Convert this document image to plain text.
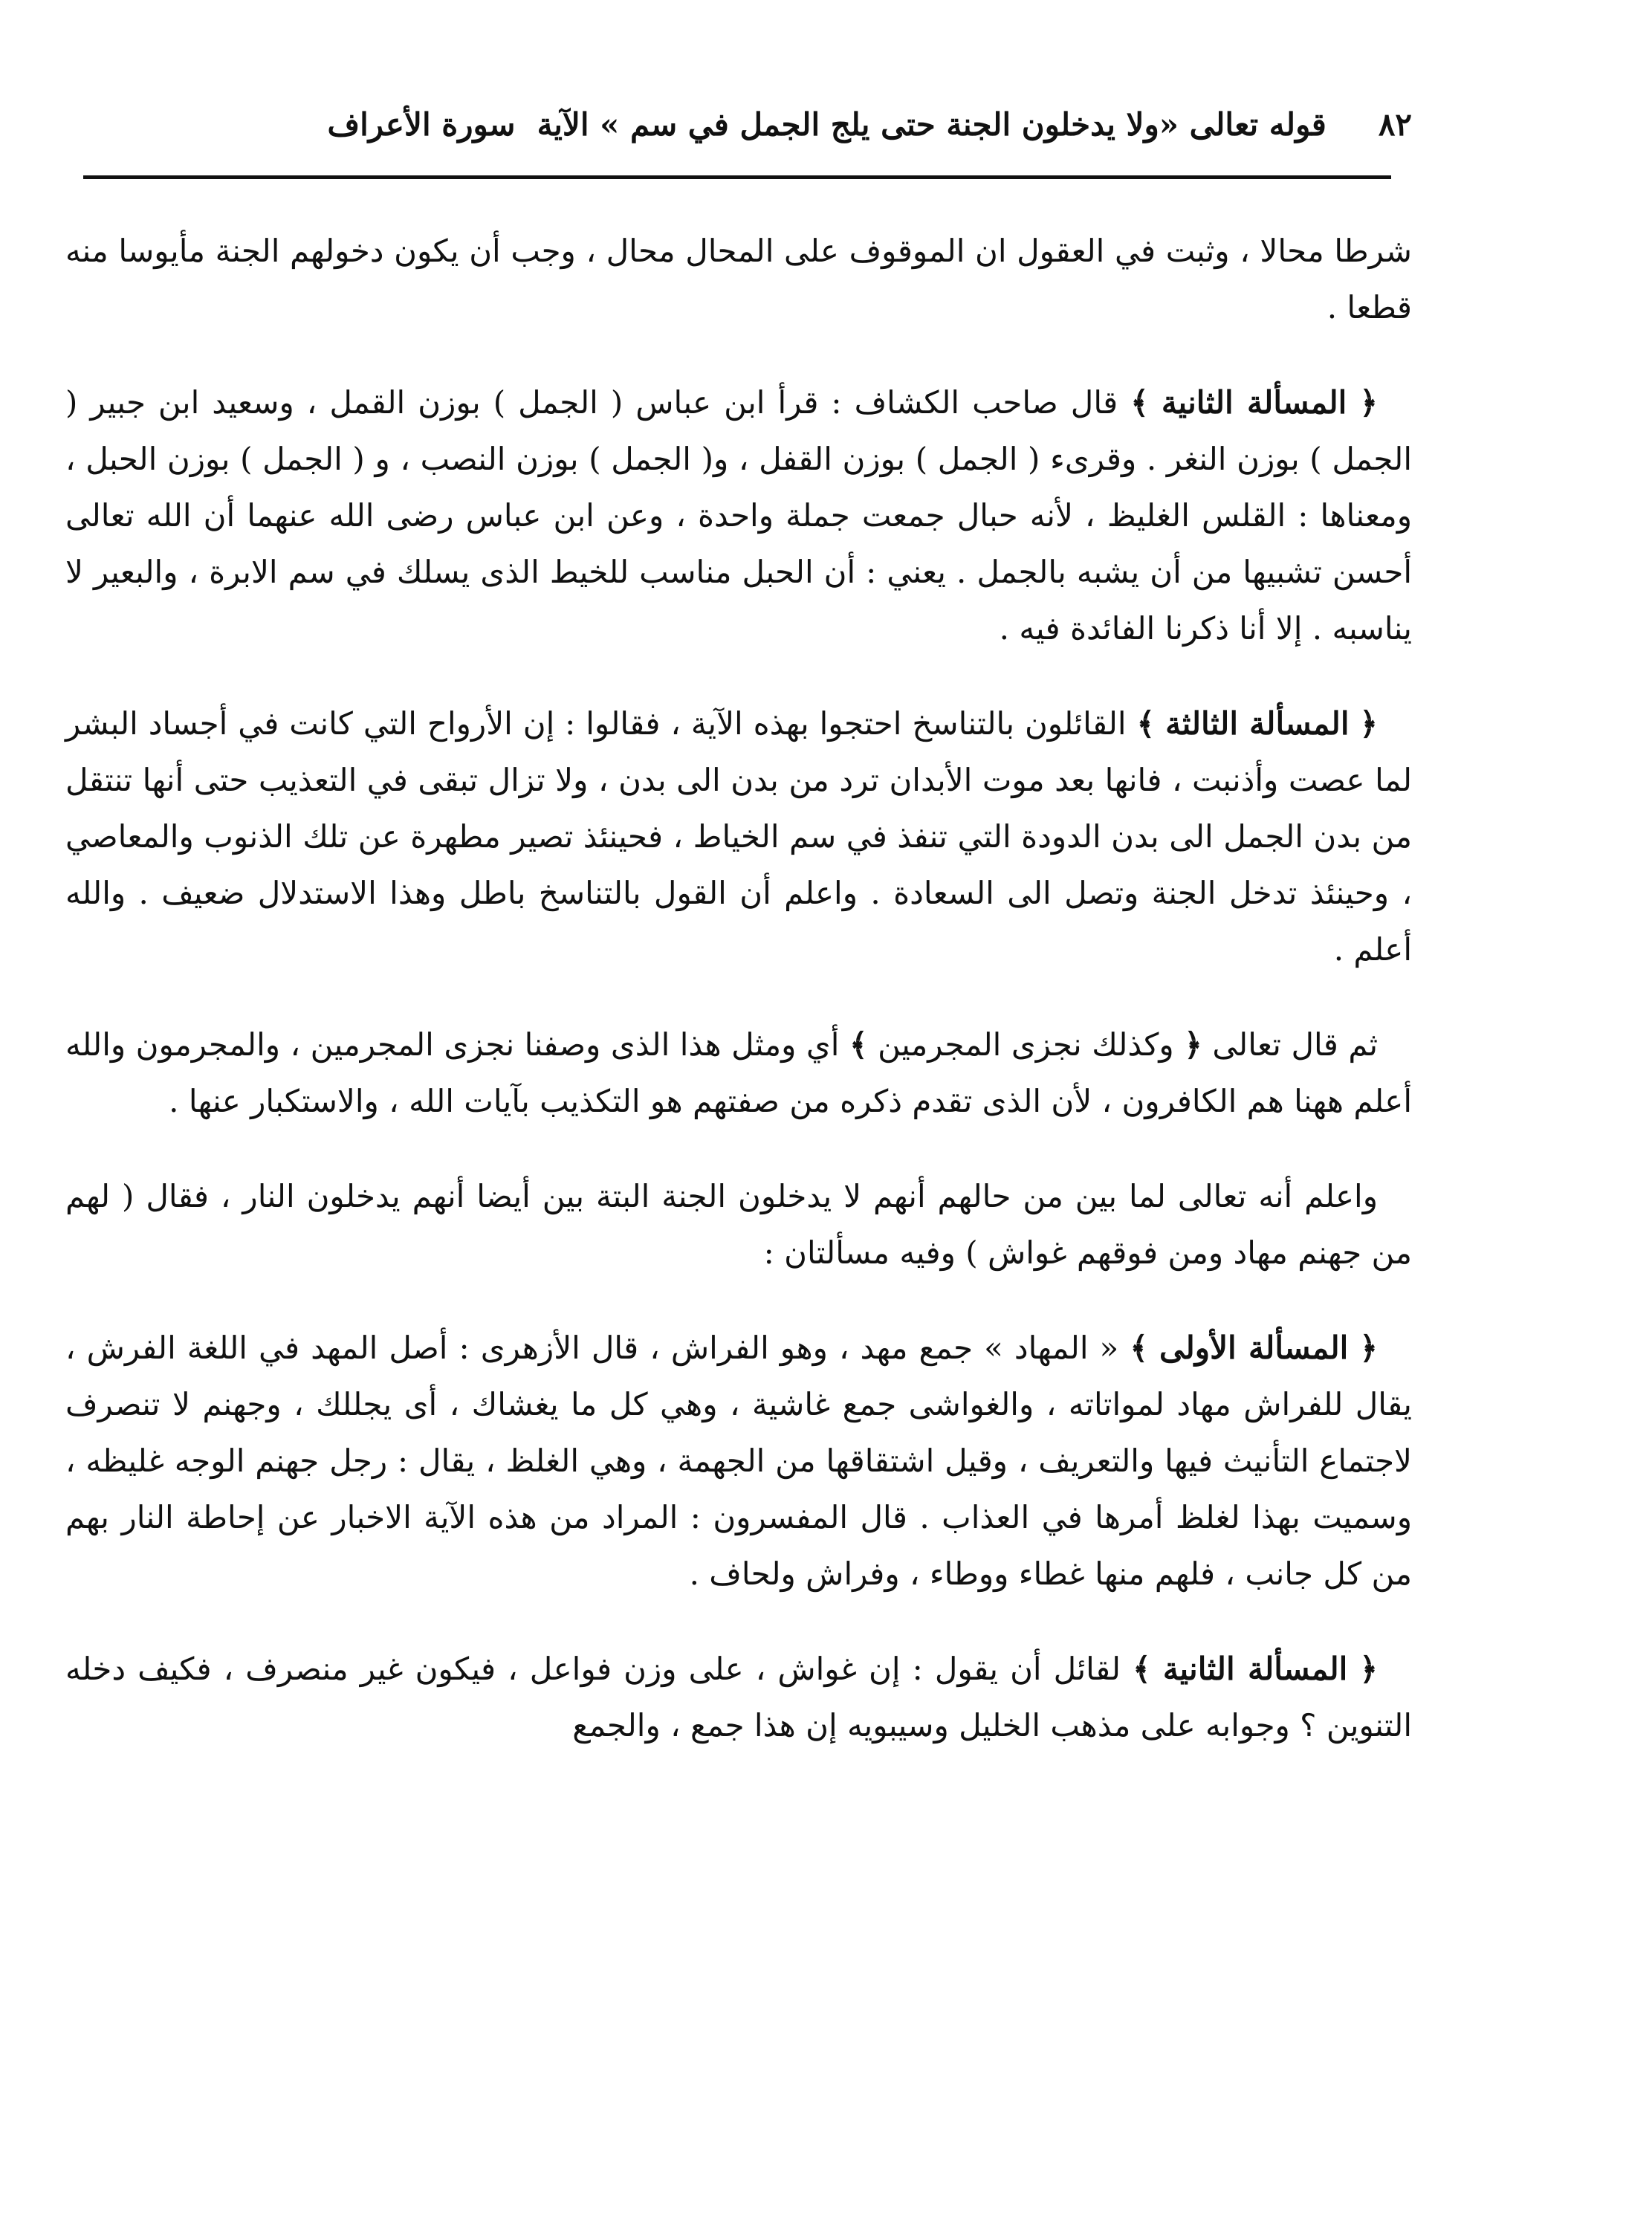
٨٢
قوله تعالى «ولا يدخلون الجنة حتى يلج الجمل في سم » الآية

سورة الأعراف

شرطا محالا ، وثبت في العقول ان الموقوف على المحال محال ، وجب أن يكون دخولهم الجنة مأيوسا منه قطعا .

﴿ المسألة الثانية ﴾ قال صاحب الكشاف : قرأ ابن عباس ( الجمل ) بوزن القمل ، وسعيد ابن جبير ( الجمل ) بوزن النغر . وقرىء ( الجمل ) بوزن القفل ، و( الجمل ) بوزن النصب ، و ( الجمل ) بوزن الحبل ، ومعناها : القلس الغليظ ، لأنه حبال جمعت جملة واحدة ، وعن ابن عباس رضى الله عنهما أن الله تعالى أحسن تشبيها من أن يشبه بالجمل . يعني : أن الحبل مناسب للخيط الذى يسلك في سم الابرة ، والبعير لا يناسبه . إلا أنا ذكرنا الفائدة فيه .

﴿ المسألة الثالثة ﴾ القائلون بالتناسخ احتجوا بهذه الآية ، فقالوا : إن الأرواح التي كانت في أجساد البشر لما عصت وأذنبت ، فانها بعد موت الأبدان ترد من بدن الى بدن ، ولا تزال تبقى في التعذيب حتى أنها تنتقل من بدن الجمل الى بدن الدودة التي تنفذ في سم الخياط ، فحينئذ تصير مطهرة عن تلك الذنوب والمعاصي ، وحينئذ تدخل الجنة وتصل الى السعادة . واعلم أن القول بالتناسخ باطل وهذا الاستدلال ضعيف . والله أعلم .

ثم قال تعالى ﴿ وكذلك نجزى المجرمين ﴾ أي ومثل هذا الذى وصفنا نجزى المجرمين ، والمجرمون والله أعلم ههنا هم الكافرون ، لأن الذى تقدم ذكره من صفتهم هو التكذيب بآيات الله ، والاستكبار عنها .

واعلم أنه تعالى لما بين من حالهم أنهم لا يدخلون الجنة البتة بين أيضا أنهم يدخلون النار ، فقال ( لهم من جهنم مهاد ومن فوقهم غواش ) وفيه مسألتان :

﴿ المسألة الأولى ﴾ « المهاد » جمع مهد ، وهو الفراش ، قال الأزهرى : أصل المهد في اللغة الفرش ، يقال للفراش مهاد لمواتاته ، والغواشى جمع غاشية ، وهي كل ما يغشاك ، أى يجللك ، وجهنم لا تنصرف لاجتماع التأنيث فيها والتعريف ، وقيل اشتقاقها من الجهمة ، وهي الغلظ ، يقال : رجل جهنم الوجه غليظه ، وسميت بهذا لغلظ أمرها في العذاب . قال المفسرون : المراد من هذه الآية الاخبار عن إحاطة النار بهم من كل جانب ، فلهم منها غطاء ووطاء ، وفراش ولحاف .

﴿ المسألة الثانية ﴾ لقائل أن يقول : إن غواش ، على وزن فواعل ، فيكون غير منصرف ، فكيف دخله التنوين ؟ وجوابه على مذهب الخليل وسيبويه إن هذا جمع ، والجمع
